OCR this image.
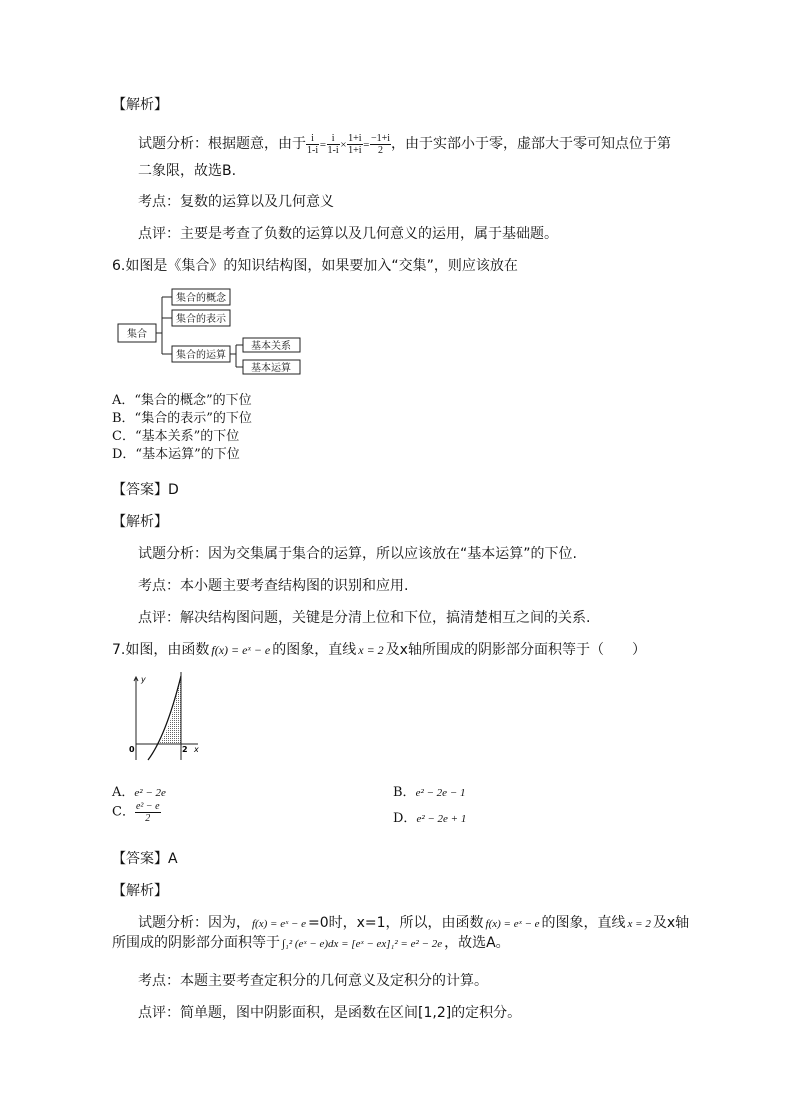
【解析】
试题分析：根据题意，由于 $\frac{i}{1-i} = \frac{i}{1-i} \times \frac{1+i}{1+i} = \frac{-1+i}{2}$ ，由于实部小于零，虚部大于零可知点位于第
二象限，故选B.
考点：复数的运算以及几何意义
点评：主要是考查了负数的运算以及几何意义的运用，属于基础题。
6.如图是《集合》的知识结构图，如果要加入“交集”，则应该放在
集合
集合的概念
集合的表示
集合的运算
基本关系
基本运算
A．“集合的概念”的下位
B．“集合的表示”的下位
C．“基本关系”的下位
D．“基本运算”的下位
【答案】D
【解析】
试题分析：因为交集属于集合的运算，所以应该放在“基本运算”的下位.
考点：本小题主要考查结构图的识别和应用.
点评：解决结构图问题，关键是分清上位和下位，搞清楚相互之间的关系.
7.如图，由函数 f(x) = eˣ − e 的图象，直线 x = 2 及x轴所围成的阴影部分面积等于（　　）
y
x
0	2
A．e² − 2e	B．e² − 2e − 1
C． $\frac{\text{e² − e}}{2}$	D．e² − 2e + 1
【答案】A
【解析】
试题分析：因为， f(x) = eˣ − e =0时，x=1，所以，由函数 f(x) = eˣ − e 的图象，直线 x = 2 及x轴
所围成的阴影部分面积等于 ∫₁² (eˣ − e)dx = [eˣ − ex]₁² = e² − 2e ，故选A。
考点：本题主要考查定积分的几何意义及定积分的计算。
点评：简单题，图中阴影面积，是函数在区间[1,2]的定积分。
